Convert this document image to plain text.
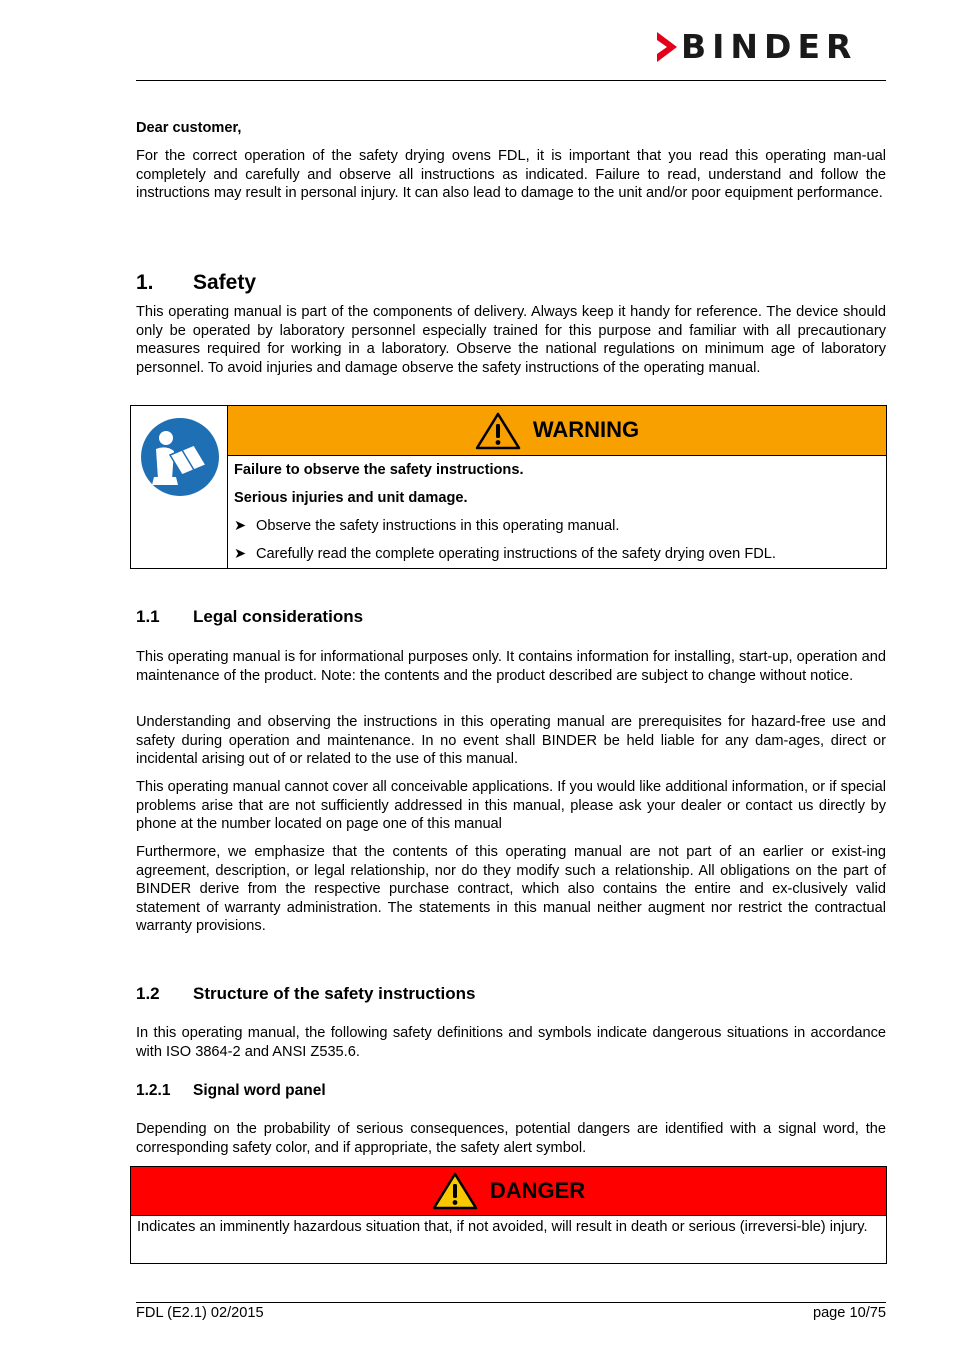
BINDER

Dear customer,

For the correct operation of the safety drying ovens FDL, it is important that you read this operating man-ual completely and carefully and observe all instructions as indicated. Failure to read, understand and follow the instructions may result in personal injury. It can also lead to damage to the unit and/or poor equipment performance.

1. Safety

This operating manual is part of the components of delivery. Always keep it handy for reference. The device should only be operated by laboratory personnel especially trained for this purpose and familiar with all precautionary measures required for working in a laboratory. Observe the national regulations on minimum age of laboratory personnel. To avoid injuries and damage observe the safety instructions of the operating manual.

WARNING
Failure to observe the safety instructions.
Serious injuries and unit damage.
➤ Observe the safety instructions in this operating manual.
➤ Carefully read the complete operating instructions of the safety drying oven FDL.
1.1 Legal considerations

This operating manual is for informational purposes only. It contains information for installing, start-up, operation and maintenance of the product. Note: the contents and the product described are subject to change without notice.

Understanding and observing the instructions in this operating manual are prerequisites for hazard-free use and safety during operation and maintenance. In no event shall BINDER be held liable for any dam-ages, direct or incidental arising out of or related to the use of this manual.

This operating manual cannot cover all conceivable applications. If you would like additional information, or if special problems arise that are not sufficiently addressed in this manual, please ask your dealer or contact us directly by phone at the number located on page one of this manual

Furthermore, we emphasize that the contents of this operating manual are not part of an earlier or exist-ing agreement, description, or legal relationship, nor do they modify such a relationship. All obligations on the part of BINDER derive from the respective purchase contract, which also contains the entire and ex-clusively valid statement of warranty administration. The statements in this manual neither augment nor restrict the contractual warranty provisions.

1.2 Structure of the safety instructions

In this operating manual, the following safety definitions and symbols indicate dangerous situations in accordance with ISO 3864-2 and ANSI Z535.6.

1.2.1 Signal word panel

Depending on the probability of serious consequences, potential dangers are identified with a signal word, the corresponding safety color, and if appropriate, the safety alert symbol.

DANGER
Indicates an imminently hazardous situation that, if not avoided, will result in death or serious (irreversi-ble) injury.
FDL (E2.1) 02/2015	page 10/75
